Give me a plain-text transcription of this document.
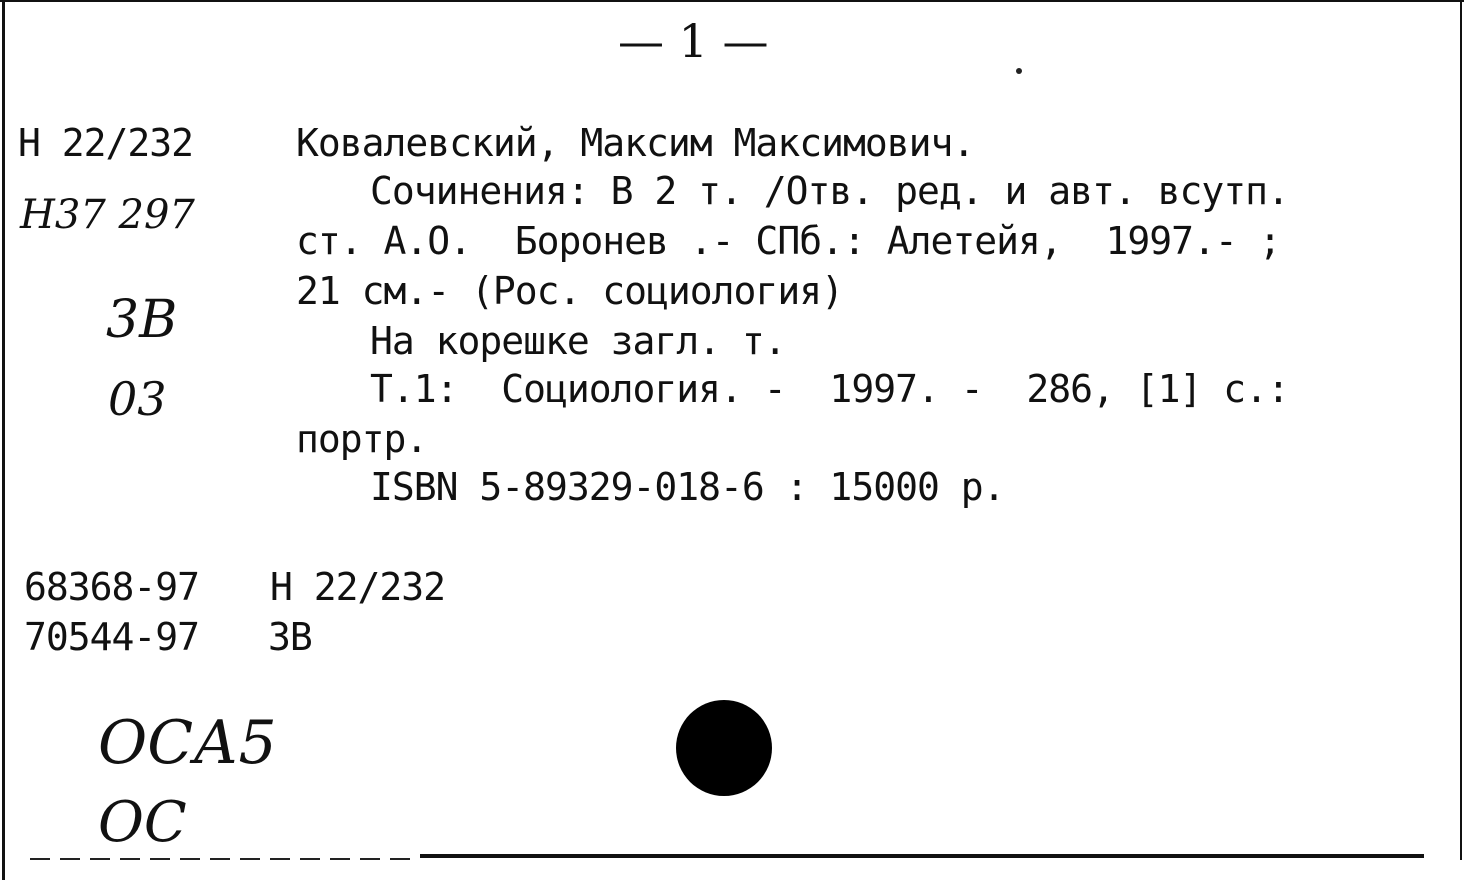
— 1 —
Н 22/232	Ковалевский, Максим Максимович.
Сочинения: В 2 т. /Отв. ред. и авт. всутп.
ст. А.О.  Боронев .- СПб.: Алетейя,  1997.- ;
21 см.- (Рос. социология)
На корешке загл. т.
Т.1:  Социология. -  1997. -  286, [1] с.:
портр.
ISBN 5-89329-018-6 : 15000 р.
68368-97 Н 22/232
70544-97 ЗВ
Н37 297
3В
03
ОСА5
ОС
